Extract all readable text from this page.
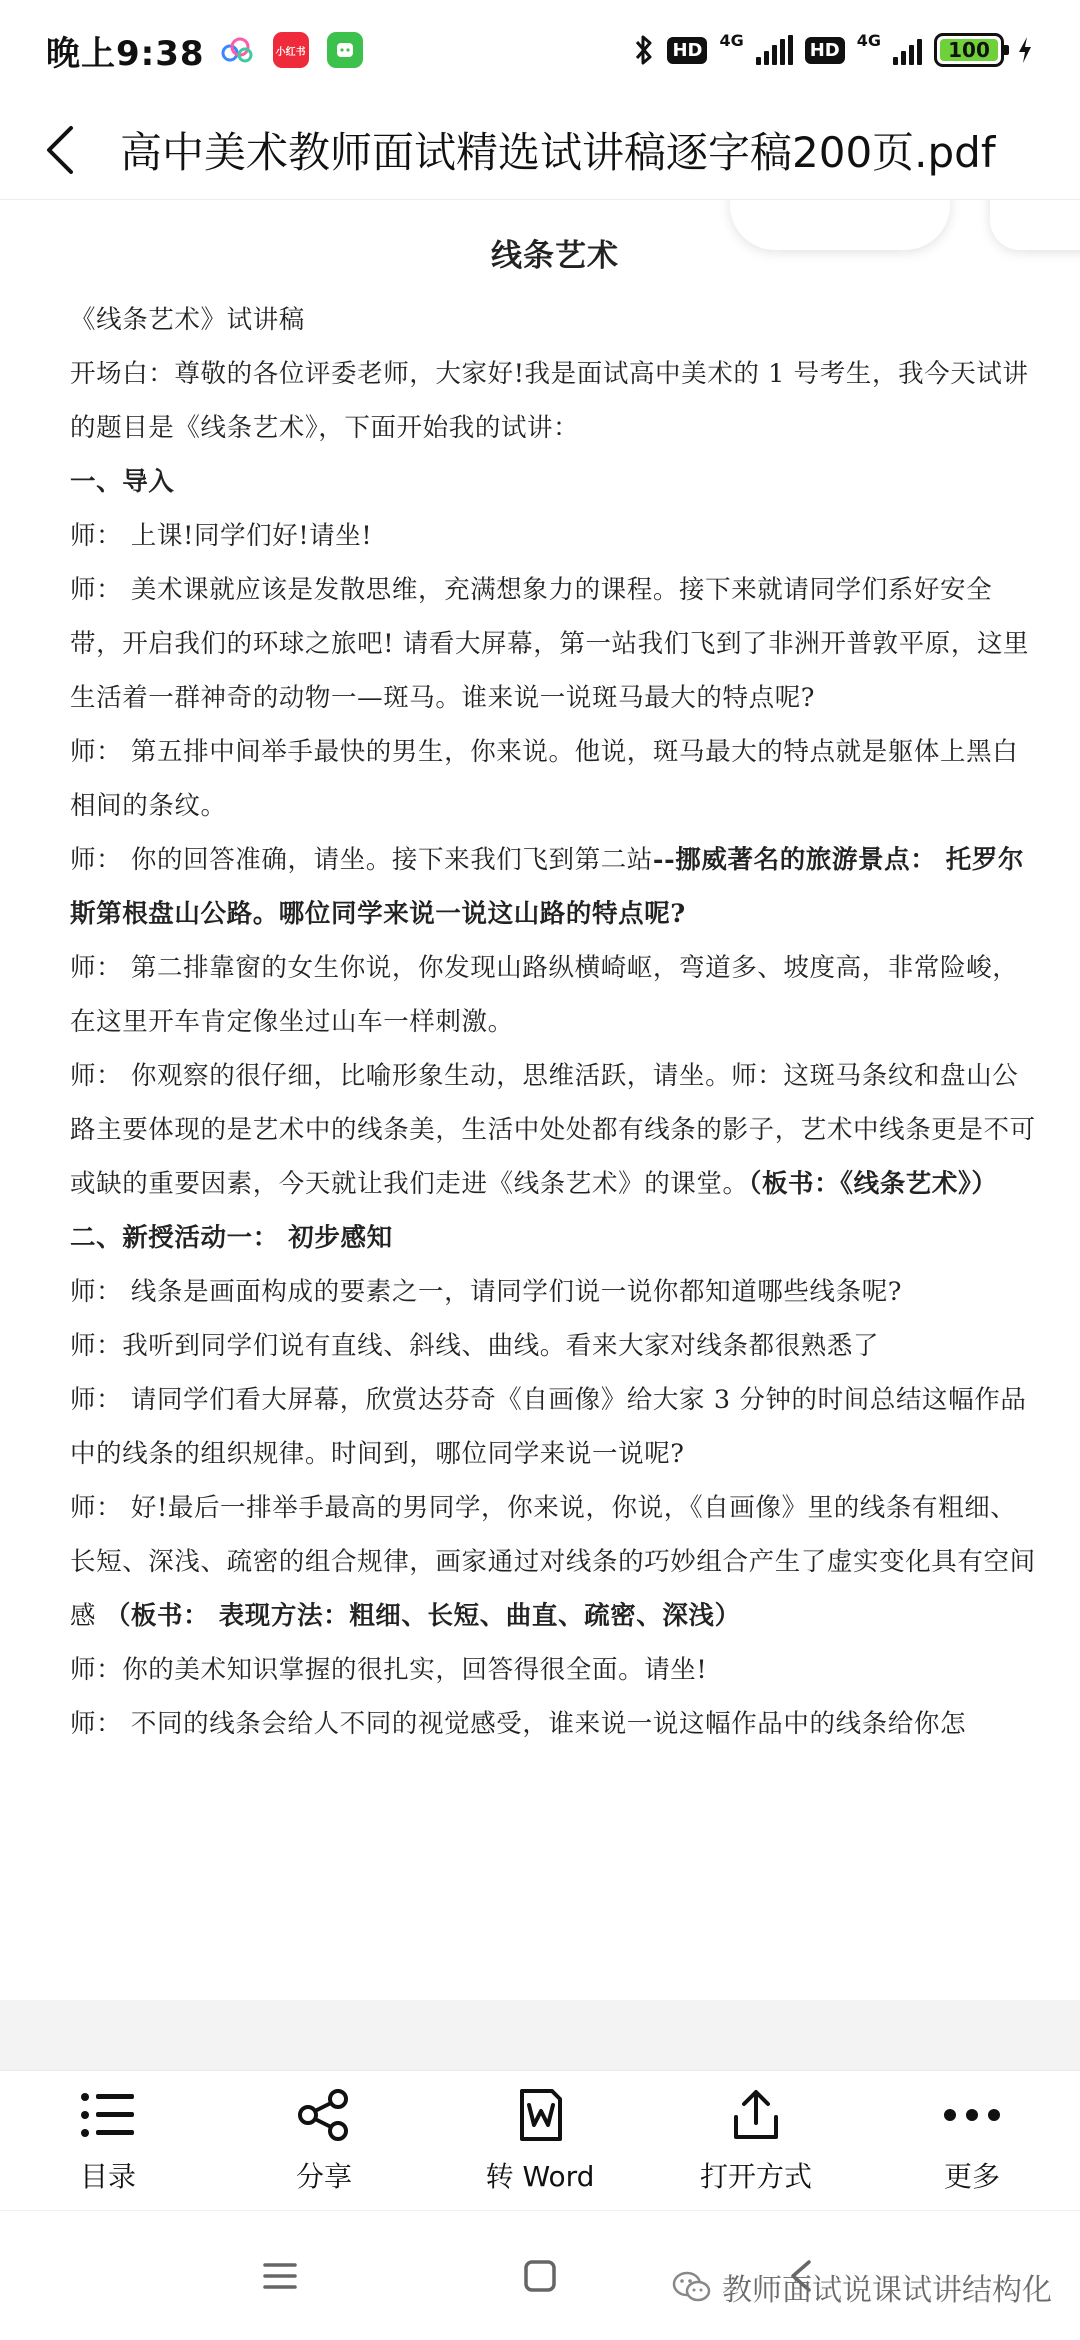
晚上9:38	小红书	HD	4G	HD	4G	100
高中美术教师面试精选试讲稿逐字稿200页.pdf
线条艺术

《线条艺术》试讲稿

开场白：尊敬的各位评委老师，大家好!我是面试高中美术的 1 号考生，我今天试讲的题目是《线条艺术》，下面开始我的试讲：

一、导入

师： 上课!同学们好!请坐!

师： 美术课就应该是发散思维，充满想象力的课程。接下来就请同学们系好安全带，开启我们的环球之旅吧! 请看大屏幕，第一站我们飞到了非洲开普敦平原，这里生活着一群神奇的动物一—斑马。谁来说一说斑马最大的特点呢?

师： 第五排中间举手最快的男生，你来说。他说，斑马最大的特点就是躯体上黑白相间的条纹。

师： 你的回答准确，请坐。接下来我们飞到第二站--挪威著名的旅游景点： 托罗尔斯第根盘山公路。哪位同学来说一说这山路的特点呢?

师： 第二排靠窗的女生你说，你发现山路纵横崎岖，弯道多、坡度高，非常险峻，在这里开车肯定像坐过山车一样刺激。

师： 你观察的很仔细，比喻形象生动，思维活跃，请坐。师：这斑马条纹和盘山公路主要体现的是艺术中的线条美，生活中处处都有线条的影子，艺术中线条更是不可或缺的重要因素，今天就让我们走进《线条艺术》的课堂。（板书：《线条艺术》）

二、新授活动一： 初步感知

师： 线条是画面构成的要素之一，请同学们说一说你都知道哪些线条呢?

师：我听到同学们说有直线、斜线、曲线。看来大家对线条都很熟悉了

师： 请同学们看大屏幕，欣赏达芬奇《自画像》给大家 3 分钟的时间总结这幅作品中的线条的组织规律。时间到，哪位同学来说一说呢?

师： 好!最后一排举手最高的男同学，你来说，你说，《自画像》里的线条有粗细、长短、深浅、疏密的组合规律，画家通过对线条的巧妙组合产生了虚实变化具有空间感 （板书： 表现方法：粗细、长短、曲直、疏密、深浅）

师：你的美术知识掌握的很扎实，回答得很全面。请坐!

师： 不同的线条会给人不同的视觉感受，谁来说一说这幅作品中的线条给你怎

目录	分享	转 Word	打开方式	更多
教师面试说课试讲结构化
